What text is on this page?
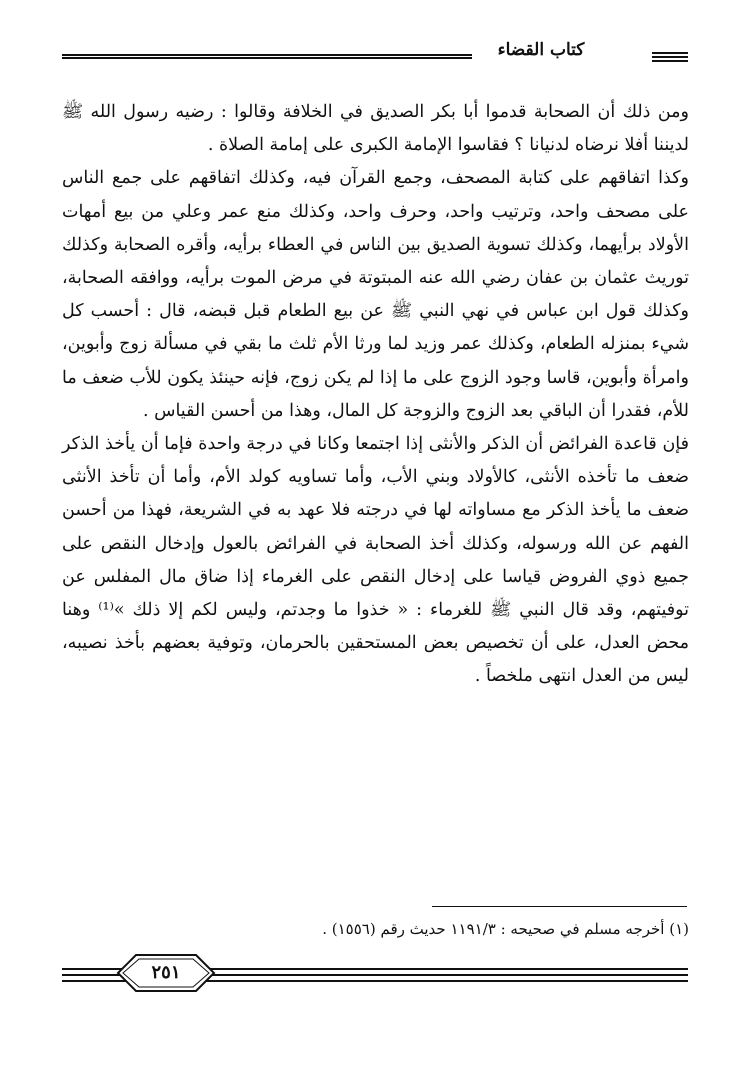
كتاب القضاء

ومن ذلك أن الصحابة قدموا أبا بكر الصديق في الخلافة وقالوا : رضيه رسول الله ﷺ لديننا أفلا نرضاه لدنيانا ؟ فقاسوا الإمامة الكبرى على إمامة الصلاة .

وكذا اتفاقهم على كتابة المصحف، وجمع القرآن فيه، وكذلك اتفاقهم على جمع الناس على مصحف واحد، وترتيب واحد، وحرف واحد، وكذلك منع عمر وعلي من بيع أمهات الأولاد برأيهما، وكذلك تسوية الصديق بين الناس في العطاء برأيه، وأقره الصحابة وكذلك توريث عثمان بن عفان رضي الله عنه المبتوتة في مرض الموت برأيه، ووافقه الصحابة، وكذلك قول ابن عباس في نهي النبي ﷺ عن بيع الطعام قبل قبضه، قال : أحسب كل شيء بمنزله الطعام، وكذلك عمر وزيد لما ورثا الأم ثلث ما بقي في مسألة زوج وأبوين، وامرأة وأبوين، قاسا وجود الزوج على ما إذا لم يكن زوج، فإنه حينئذ يكون للأب ضعف ما للأم، فقدرا أن الباقي بعد الزوج والزوجة كل المال، وهذا من أحسن القياس .

فإن قاعدة الفرائض أن الذكر والأنثى إذا اجتمعا وكانا في درجة واحدة فإما أن يأخذ الذكر ضعف ما تأخذه الأنثى، كالأولاد وبني الأب، وأما تساويه كولد الأم، وأما أن تأخذ الأنثى ضعف ما يأخذ الذكر مع مساواته لها في درجته فلا عهد به في الشريعة، فهذا من أحسن الفهم عن الله ورسوله، وكذلك أخذ الصحابة في الفرائض بالعول وإدخال النقص على جميع ذوي الفروض قياسا على إدخال النقص على الغرماء إذا ضاق مال المفلس عن توفيتهم، وقد قال النبي ﷺ للغرماء : « خذوا ما وجدتم، وليس لكم إلا ذلك »⁽¹⁾ وهنا محض العدل، على أن تخصيص بعض المستحقين بالحرمان، وتوفية بعضهم بأخذ نصيبه، ليس من العدل انتهى ملخصاً .

(١) أخرجه مسلم في صحيحه : ١١٩١/٣ حديث رقم (١٥٥٦) .
٢٥١
